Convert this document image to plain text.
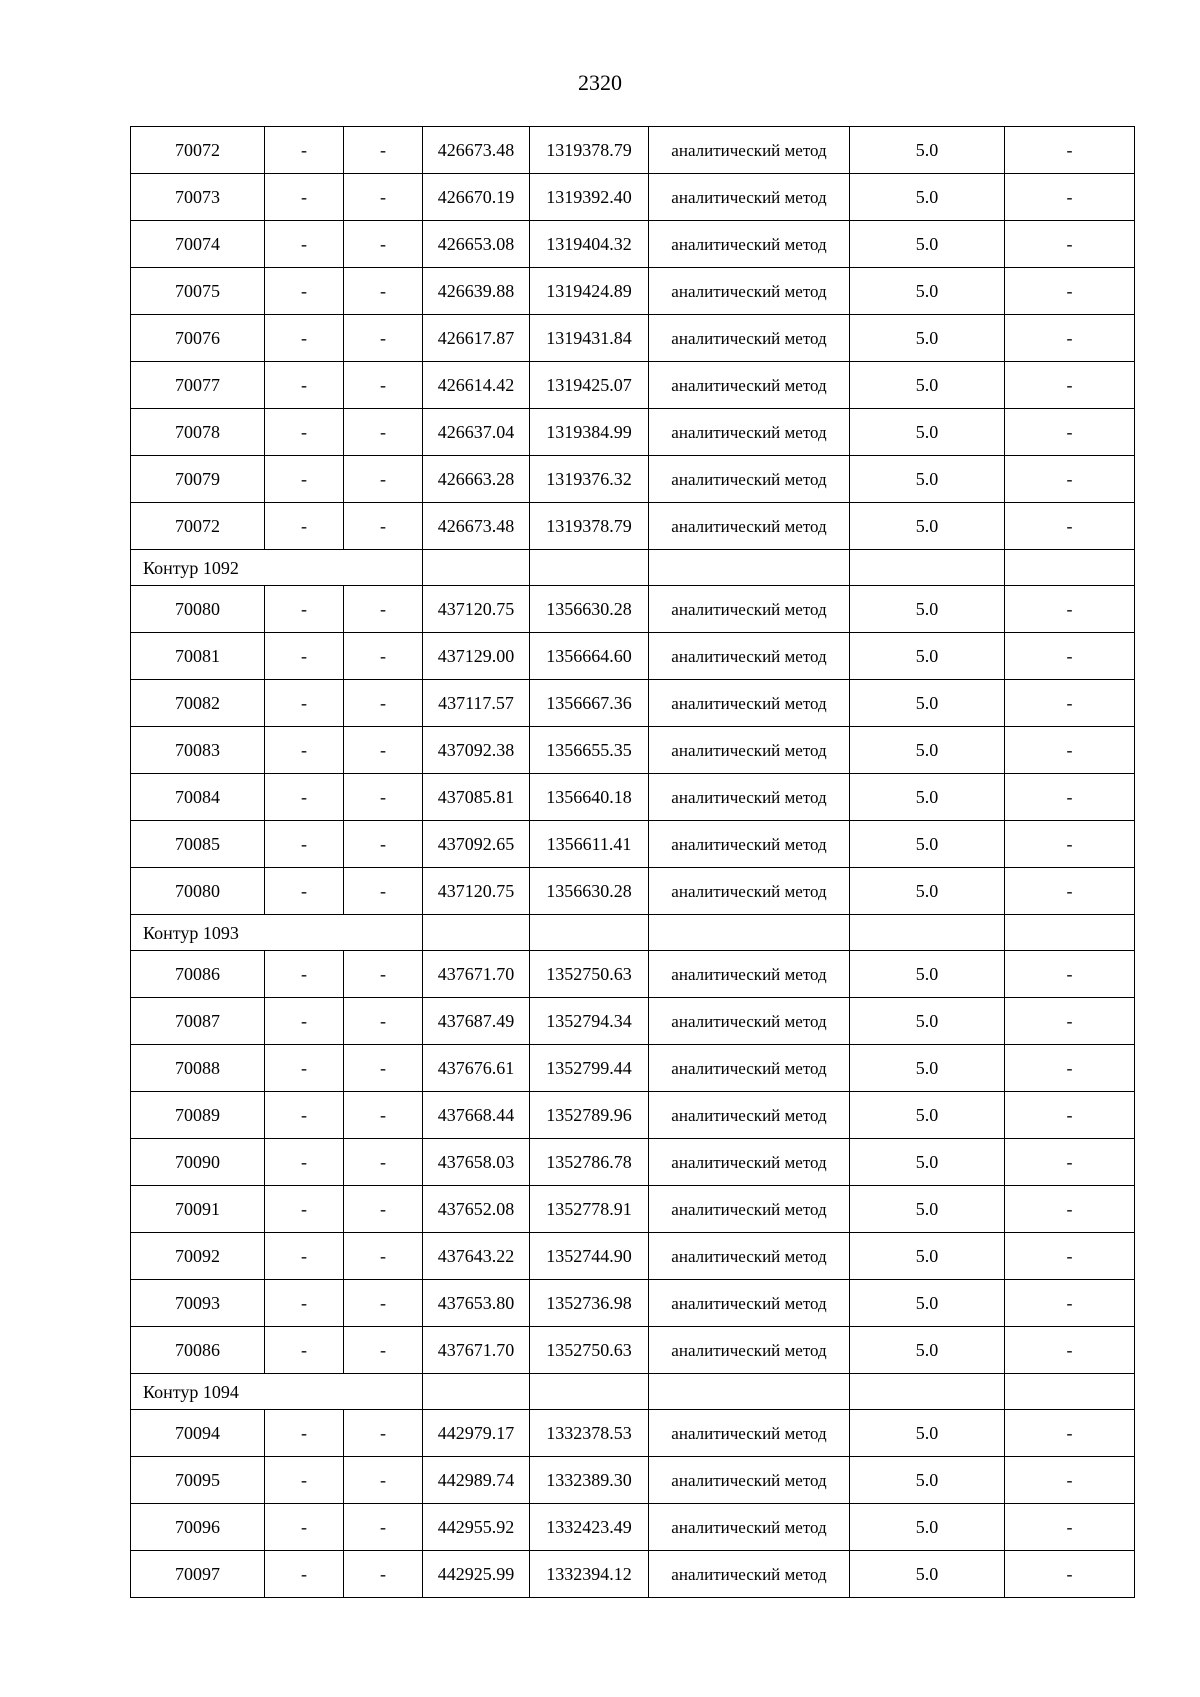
2320
70072	-	-	426673.48	1319378.79	аналитический метод	5.0	-
70073	-	-	426670.19	1319392.40	аналитический метод	5.0	-
70074	-	-	426653.08	1319404.32	аналитический метод	5.0	-
70075	-	-	426639.88	1319424.89	аналитический метод	5.0	-
70076	-	-	426617.87	1319431.84	аналитический метод	5.0	-
70077	-	-	426614.42	1319425.07	аналитический метод	5.0	-
70078	-	-	426637.04	1319384.99	аналитический метод	5.0	-
70079	-	-	426663.28	1319376.32	аналитический метод	5.0	-
70072	-	-	426673.48	1319378.79	аналитический метод	5.0	-
Контур 1092							
70080	-	-	437120.75	1356630.28	аналитический метод	5.0	-
70081	-	-	437129.00	1356664.60	аналитический метод	5.0	-
70082	-	-	437117.57	1356667.36	аналитический метод	5.0	-
70083	-	-	437092.38	1356655.35	аналитический метод	5.0	-
70084	-	-	437085.81	1356640.18	аналитический метод	5.0	-
70085	-	-	437092.65	1356611.41	аналитический метод	5.0	-
70080	-	-	437120.75	1356630.28	аналитический метод	5.0	-
Контур 1093							
70086	-	-	437671.70	1352750.63	аналитический метод	5.0	-
70087	-	-	437687.49	1352794.34	аналитический метод	5.0	-
70088	-	-	437676.61	1352799.44	аналитический метод	5.0	-
70089	-	-	437668.44	1352789.96	аналитический метод	5.0	-
70090	-	-	437658.03	1352786.78	аналитический метод	5.0	-
70091	-	-	437652.08	1352778.91	аналитический метод	5.0	-
70092	-	-	437643.22	1352744.90	аналитический метод	5.0	-
70093	-	-	437653.80	1352736.98	аналитический метод	5.0	-
70086	-	-	437671.70	1352750.63	аналитический метод	5.0	-
Контур 1094							
70094	-	-	442979.17	1332378.53	аналитический метод	5.0	-
70095	-	-	442989.74	1332389.30	аналитический метод	5.0	-
70096	-	-	442955.92	1332423.49	аналитический метод	5.0	-
70097	-	-	442925.99	1332394.12	аналитический метод	5.0	-
